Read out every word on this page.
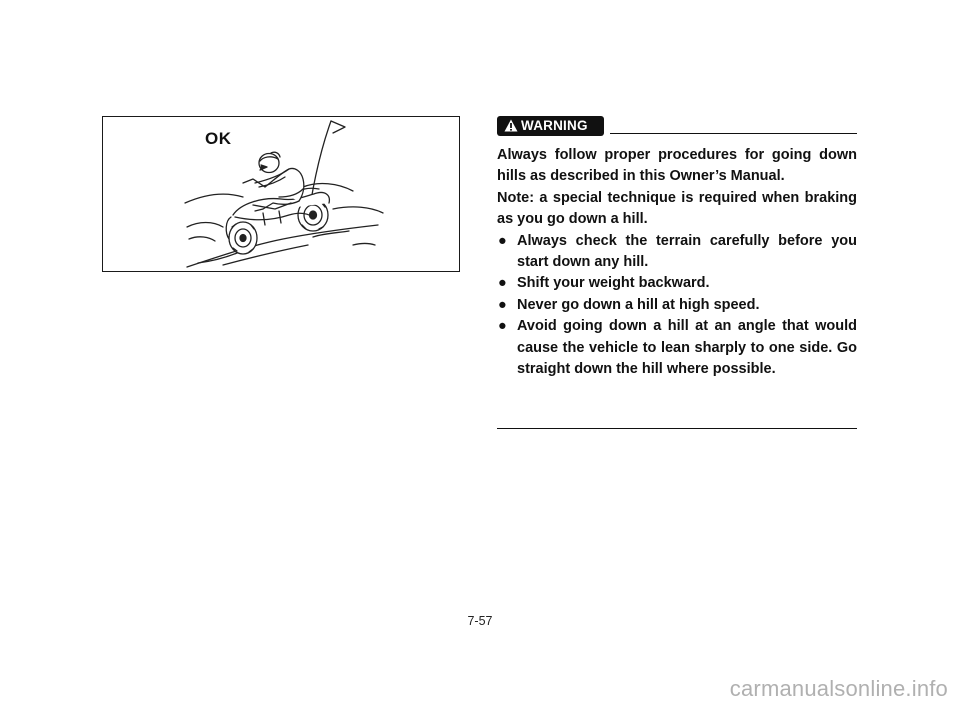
OK
WARNING

Always follow proper procedures for going down hills as described in this Owner’s Manual.

Note: a special technique is required when braking as you go down a hill.

● Always check the terrain carefully before you start down any hill.
● Shift your weight backward.
● Never go down a hill at high speed.
● Avoid going down a hill at an angle that would cause the vehicle to lean sharply to one side. Go straight down the hill where possible.
7-57
carmanualsonline.info
